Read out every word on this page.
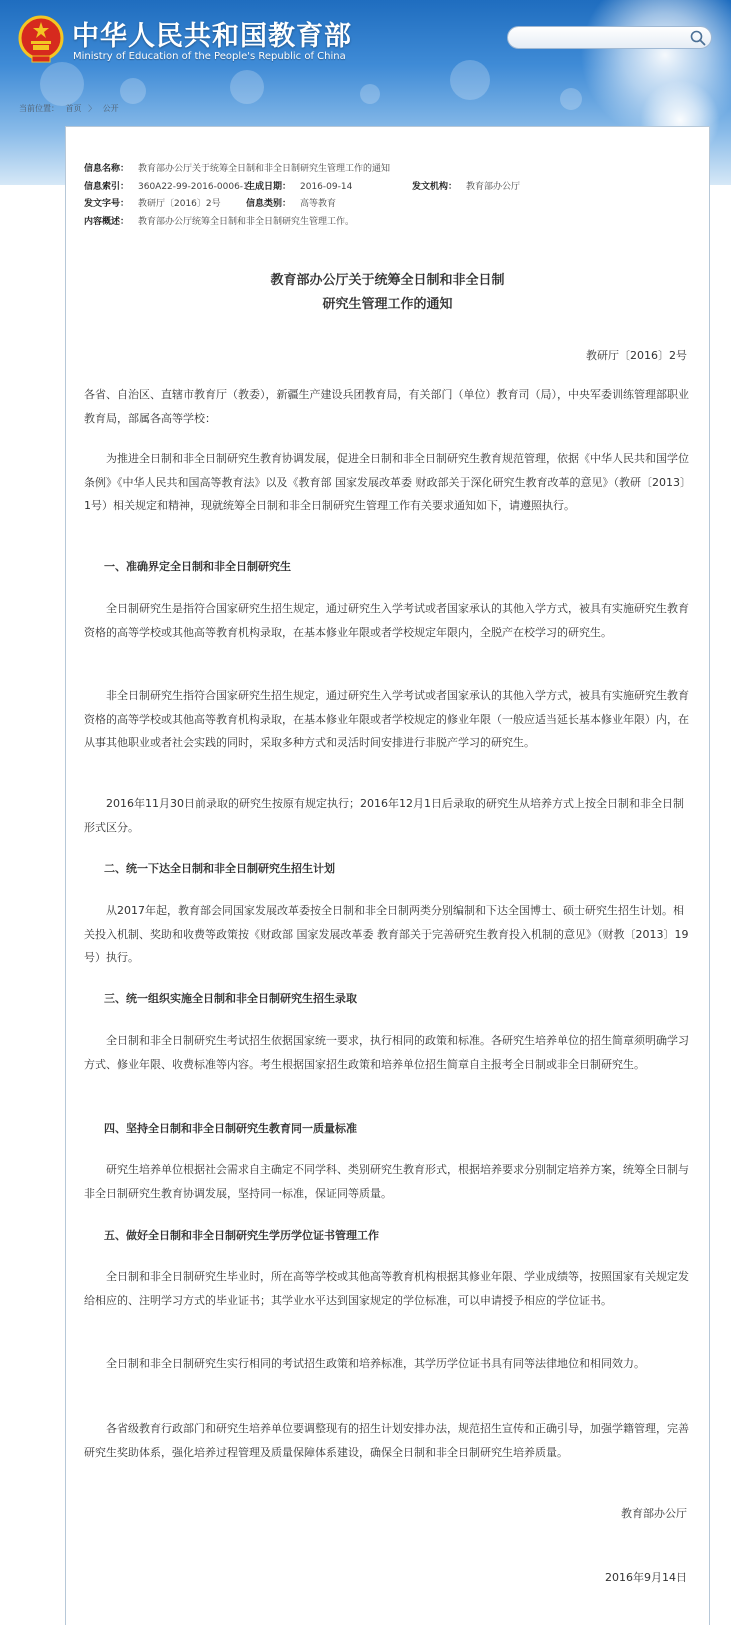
中华人民共和国教育部
Ministry of Education of the People's Republic of China
当前位置： 首页 〉 公开
信息名称： 教育部办公厅关于统筹全日制和非全日制研究生管理工作的通知
信息索引： 360A22-99-2016-0006-1
生成日期： 2016-09-14	发文机构： 教育部办公厅
发文字号： 教研厅〔2016〕2号	信息类别： 高等教育
内容概述： 教育部办公厅统筹全日制和非全日制研究生管理工作。
教育部办公厅关于统筹全日制和非全日制
研究生管理工作的通知
教研厅〔2016〕2号

各省、自治区、直辖市教育厅（教委），新疆生产建设兵团教育局，有关部门（单位）教育司（局），中央军委训练管理部职业教育局，部属各高等学校：

为推进全日制和非全日制研究生教育协调发展，促进全日制和非全日制研究生教育规范管理，依据《中华人民共和国学位条例》《中华人民共和国高等教育法》以及《教育部 国家发展改革委 财政部关于深化研究生教育改革的意见》（教研〔2013〕1号）相关规定和精神，现就统筹全日制和非全日制研究生管理工作有关要求通知如下，请遵照执行。

一、准确界定全日制和非全日制研究生

全日制研究生是指符合国家研究生招生规定，通过研究生入学考试或者国家承认的其他入学方式，被具有实施研究生教育资格的高等学校或其他高等教育机构录取，在基本修业年限或者学校规定年限内，全脱产在校学习的研究生。

非全日制研究生指符合国家研究生招生规定，通过研究生入学考试或者国家承认的其他入学方式，被具有实施研究生教育资格的高等学校或其他高等教育机构录取，在基本修业年限或者学校规定的修业年限（一般应适当延长基本修业年限）内，在从事其他职业或者社会实践的同时，采取多种方式和灵活时间安排进行非脱产学习的研究生。

2016年11月30日前录取的研究生按原有规定执行；2016年12月1日后录取的研究生从培养方式上按全日制和非全日制形式区分。

二、统一下达全日制和非全日制研究生招生计划

从2017年起，教育部会同国家发展改革委按全日制和非全日制两类分别编制和下达全国博士、硕士研究生招生计划。相关投入机制、奖助和收费等政策按《财政部 国家发展改革委 教育部关于完善研究生教育投入机制的意见》（财教〔2013〕19号）执行。

三、统一组织实施全日制和非全日制研究生招生录取

全日制和非全日制研究生考试招生依据国家统一要求，执行相同的政策和标准。各研究生培养单位的招生简章须明确学习方式、修业年限、收费标准等内容。考生根据国家招生政策和培养单位招生简章自主报考全日制或非全日制研究生。

四、坚持全日制和非全日制研究生教育同一质量标准

研究生培养单位根据社会需求自主确定不同学科、类别研究生教育形式，根据培养要求分别制定培养方案，统筹全日制与非全日制研究生教育协调发展，坚持同一标准，保证同等质量。

五、做好全日制和非全日制研究生学历学位证书管理工作

全日制和非全日制研究生毕业时，所在高等学校或其他高等教育机构根据其修业年限、学业成绩等，按照国家有关规定发给相应的、注明学习方式的毕业证书；其学业水平达到国家规定的学位标准，可以申请授予相应的学位证书。

全日制和非全日制研究生实行相同的考试招生政策和培养标准，其学历学位证书具有同等法律地位和相同效力。

各省级教育行政部门和研究生培养单位要调整现有的招生计划安排办法，规范招生宣传和正确引导，加强学籍管理，完善研究生奖助体系，强化培养过程管理及质量保障体系建设，确保全日制和非全日制研究生培养质量。

教育部办公厅
2016年9月14日
